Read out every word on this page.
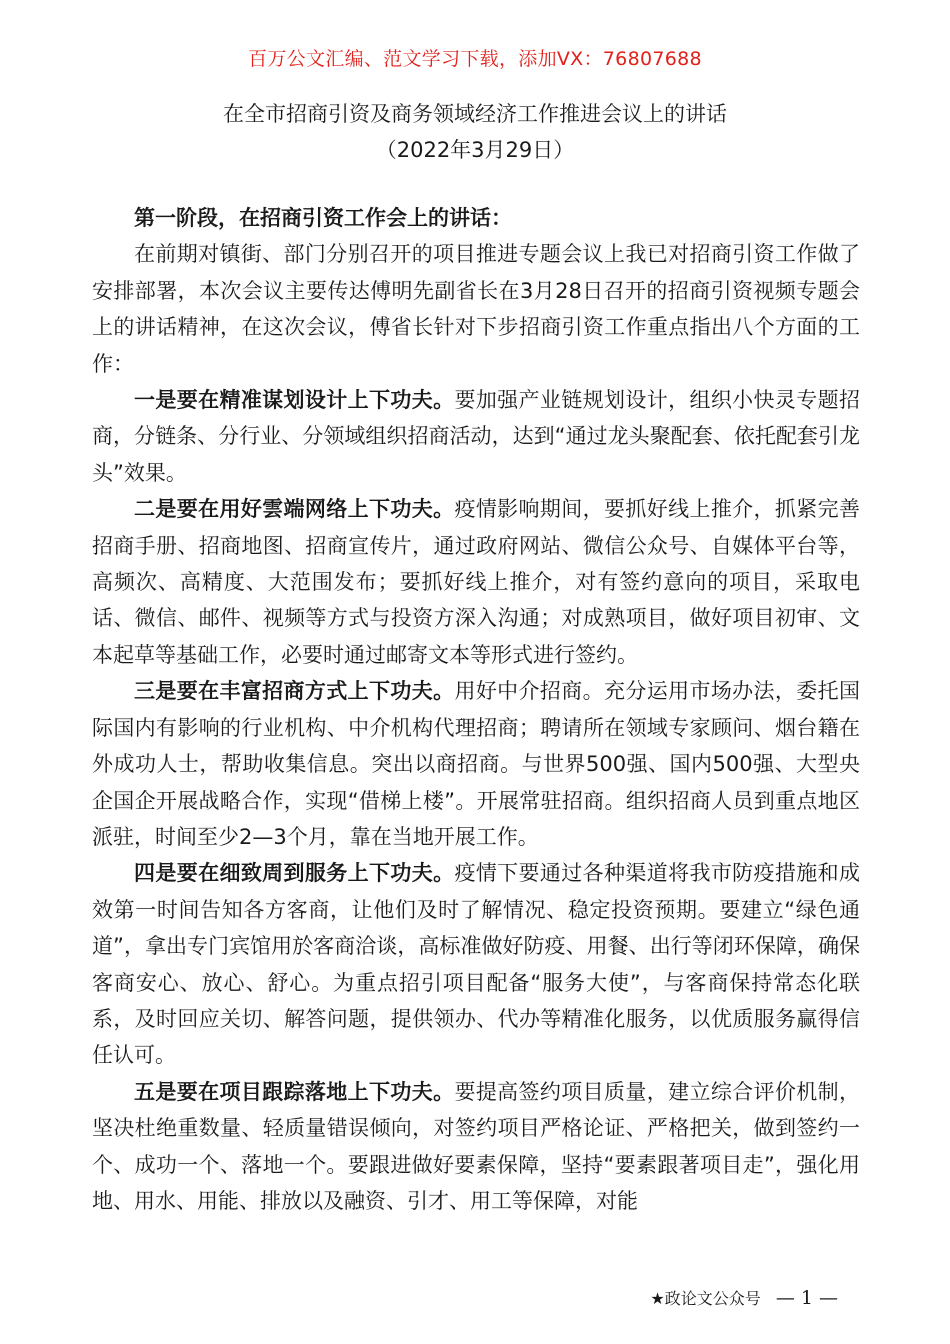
百万公文汇编、范文学习下载，添加VX：76807688
在全市招商引资及商务领域经济工作推进会议上的讲话
（2022年3月29日）

第一阶段，在招商引资工作会上的讲话：

在前期对镇街、部门分别召开的项目推进专题会议上我已对招商引资工作做了安排部署，本次会议主要传达傅明先副省长在3月28日召开的招商引资视频专题会上的讲话精神，在这次会议，傅省长针对下步招商引资工作重点指出八个方面的工作：

一是要在精准谋划设计上下功夫。要加强产业链规划设计，组织小快灵专题招商，分链条、分行业、分领域组织招商活动，达到“通过龙头聚配套、依托配套引龙头”效果。

二是要在用好雲端网络上下功夫。疫情影响期间，要抓好线上推介，抓紧完善招商手册、招商地图、招商宣传片，通过政府网站、微信公众号、自媒体平台等，高频次、高精度、大范围发布；要抓好线上推介，对有签约意向的项目，采取电话、微信、邮件、视频等方式与投资方深入沟通；对成熟项目，做好项目初审、文本起草等基础工作，必要时通过邮寄文本等形式进行签约。

三是要在丰富招商方式上下功夫。用好中介招商。充分运用市场办法，委托国际国内有影响的行业机构、中介机构代理招商；聘请所在领域专家顾问、烟台籍在外成功人士，帮助收集信息。突出以商招商。与世界500强、国内500强、大型央企国企开展战略合作，实现“借梯上楼”。开展常驻招商。组织招商人员到重点地区派驻，时间至少2—3个月，靠在当地开展工作。

四是要在细致周到服务上下功夫。疫情下要通过各种渠道将我市防疫措施和成效第一时间告知各方客商，让他们及时了解情况、稳定投资预期。要建立“绿色通道”，拿出专门宾馆用於客商洽谈，高标准做好防疫、用餐、出行等闭环保障，确保客商安心、放心、舒心。为重点招引项目配备“服务大使”，与客商保持常态化联系，及时回应关切、解答问题，提供领办、代办等精准化服务，以优质服务赢得信任认可。

五是要在项目跟踪落地上下功夫。要提高签约项目质量，建立综合评价机制，坚决杜绝重数量、轻质量错误倾向，对签约项目严格论证、严格把关，做到签约一个、成功一个、落地一个。要跟进做好要素保障，坚持“要素跟著项目走”，强化用地、用水、用能、排放以及融资、引才、用工等保障，对能

★政论文公众号 — 1 —
